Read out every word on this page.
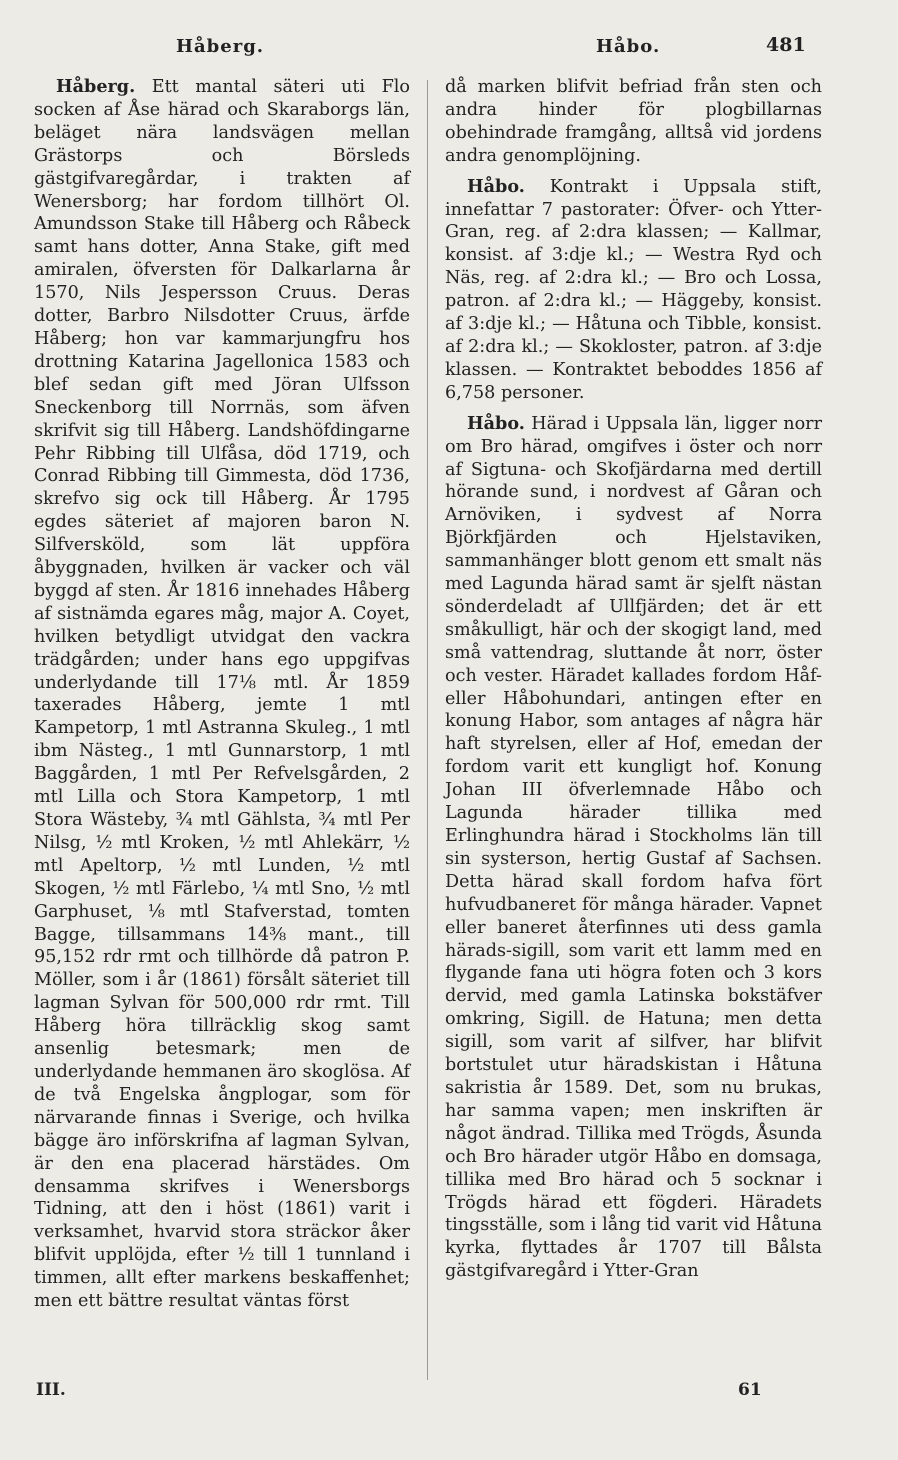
Håberg.	Håbo.	481

Håberg. Ett mantal säteri uti Flo socken af Åse härad och Skaraborgs län, beläget nära landsvägen mellan Grästorps och Börsleds gästgifvaregårdar, i trakten af Wenersborg; har fordom tillhört Ol. Amundsson Stake till Håberg och Råbeck samt hans dotter, Anna Stake, gift med amiralen, öfversten för Dalkarlarna år 1570, Nils Jespersson Cruus. Deras dotter, Barbro Nilsdotter Cruus, ärfde Håberg; hon var kammarjungfru hos drottning Katarina Jagellonica 1583 och blef sedan gift med Jöran Ulfsson Sneckenborg till Norrnäs, som äfven skrifvit sig till Håberg. Landshöfdingarne Pehr Ribbing till Ulfåsa, död 1719, och Conrad Ribbing till Gimmesta, död 1736, skrefvo sig ock till Håberg. År 1795 egdes säteriet af majoren baron N. Silfversköld, som lät uppföra åbyggnaden, hvilken är vacker och väl byggd af sten. År 1816 innehades Håberg af sistnämda egares måg, major A. Coyet, hvilken betydligt utvidgat den vackra trädgården; under hans ego uppgifvas underlydande till 17⅛ mtl. År 1859 taxerades Håberg, jemte 1 mtl Kampetorp, 1 mtl Astranna Skuleg., 1 mtl ibm Nästeg., 1 mtl Gunnarstorp, 1 mtl Baggården, 1 mtl Per Refvelsgården, 2 mtl Lilla och Stora Kampetorp, 1 mtl Stora Wästeby, ¾ mtl Gählsta, ¾ mtl Per Nilsg, ½ mtl Kroken, ½ mtl Ahlekärr, ½ mtl Apeltorp, ½ mtl Lunden, ½ mtl Skogen, ½ mtl Färlebo, ¼ mtl Sno, ½ mtl Garphuset, ⅛ mtl Stafverstad, tomten Bagge, tillsammans 14⅜ mant., till 95,152 rdr rmt och tillhörde då patron P. Möller, som i år (1861) försålt säteriet till lagman Sylvan för 500,000 rdr rmt. Till Håberg höra tillräcklig skog samt ansenlig betesmark; men de underlydande hemmanen äro skoglösa. Af de två Engelska ångplogar, som för närvarande finnas i Sverige, och hvilka bägge äro införskrifna af lagman Sylvan, är den ena placerad härstädes. Om densamma skrifves i Wenersborgs Tidning, att den i höst (1861) varit i verksamhet, hvarvid stora sträckor åker blifvit upplöjda, efter ½ till 1 tunnland i timmen, allt efter markens beskaffenhet; men ett bättre resultat väntas först

då marken blifvit befriad från sten och andra hinder för plogbillarnas obehindrade framgång, alltså vid jordens andra genomplöjning.

Håbo. Kontrakt i Uppsala stift, innefattar 7 pastorater: Öfver- och Ytter-Gran, reg. af 2:dra klassen; — Kallmar, konsist. af 3:dje kl.; — Westra Ryd och Näs, reg. af 2:dra kl.; — Bro och Lossa, patron. af 2:dra kl.; — Häggeby, konsist. af 3:dje kl.; — Håtuna och Tibble, konsist. af 2:dra kl.; — Skokloster, patron. af 3:dje klassen. — Kontraktet beboddes 1856 af 6,758 personer.

Håbo. Härad i Uppsala län, ligger norr om Bro härad, omgifves i öster och norr af Sigtuna- och Skofjärdarna med dertill hörande sund, i nordvest af Gåran och Arnöviken, i sydvest af Norra Björkfjärden och Hjelstaviken, sammanhänger blott genom ett smalt näs med Lagunda härad samt är sjelft nästan sönderdeladt af Ullfjärden; det är ett småkulligt, här och der skogigt land, med små vattendrag, sluttande åt norr, öster och vester. Häradet kallades fordom Håf- eller Håbohundari, antingen efter en konung Habor, som antages af några här haft styrelsen, eller af Hof, emedan der fordom varit ett kungligt hof. Konung Johan III öfverlemnade Håbo och Lagunda härader tillika med Erlinghundra härad i Stockholms län till sin systerson, hertig Gustaf af Sachsen. Detta härad skall fordom hafva fört hufvudbaneret för många härader. Vapnet eller baneret återfinnes uti dess gamla härads-sigill, som varit ett lamm med en flygande fana uti högra foten och 3 kors dervid, med gamla Latinska bokstäfver omkring, Sigill. de Hatuna; men detta sigill, som varit af silfver, har blifvit bortstulet utur häradskistan i Håtuna sakristia år 1589. Det, som nu brukas, har samma vapen; men inskriften är något ändrad. Tillika med Trögds, Åsunda och Bro härader utgör Håbo en domsaga, tillika med Bro härad och 5 socknar i Trögds härad ett fögderi. Häradets tingsställe, som i lång tid varit vid Håtuna kyrka, flyttades år 1707 till Bålsta gästgifvaregård i Ytter-Gran

III.	61
